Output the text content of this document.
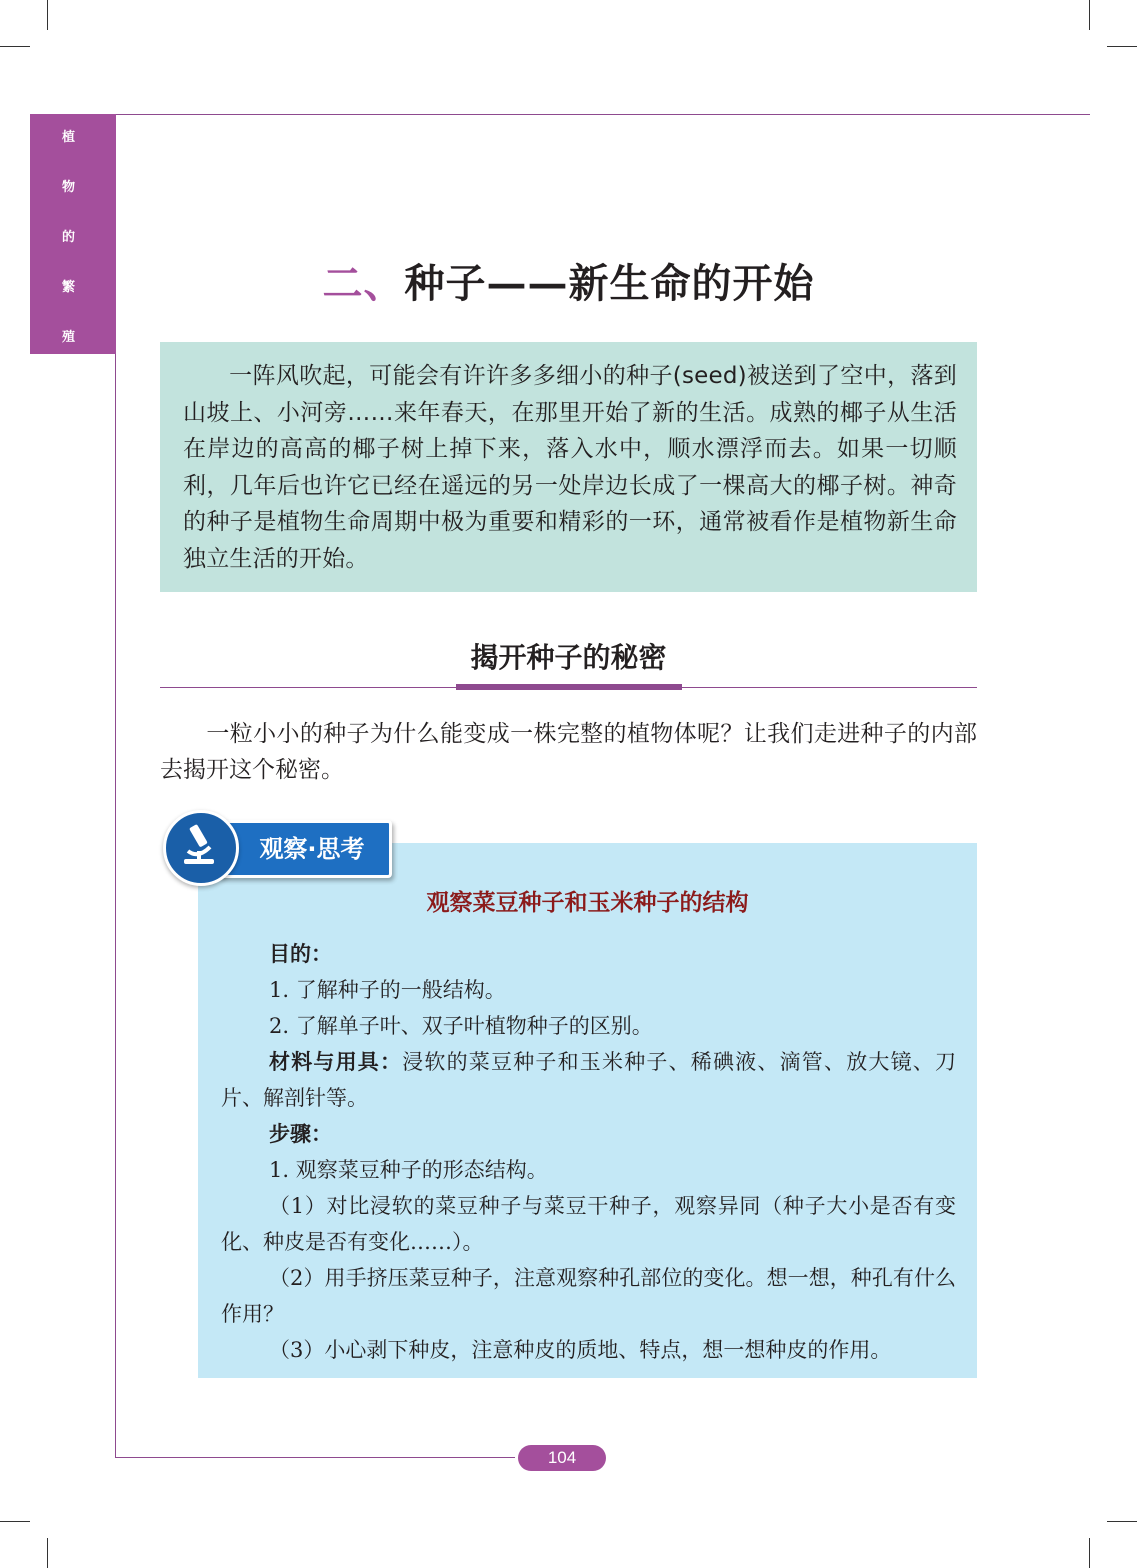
植
物
的
繁
殖
二、种子——新生命的开始
一阵风吹起，可能会有许许多多细小的种子(seed)被送到了空中，落到山坡上、小河旁……来年春天，在那里开始了新的生活。成熟的椰子从生活在岸边的高高的椰子树上掉下来，落入水中，顺水漂浮而去。如果一切顺利，几年后也许它已经在遥远的另一处岸边长成了一棵高大的椰子树。神奇的种子是植物生命周期中极为重要和精彩的一环，通常被看作是植物新生命独立生活的开始。
揭开种子的秘密
一粒小小的种子为什么能变成一株完整的植物体呢？让我们走进种子的内部去揭开这个秘密。
观察·思考
观察菜豆种子和玉米种子的结构

目的：

1. 了解种子的一般结构。

2. 了解单子叶、双子叶植物种子的区别。

材料与用具：浸软的菜豆种子和玉米种子、稀碘液、滴管、放大镜、刀片、解剖针等。

步骤：

1. 观察菜豆种子的形态结构。

（1）对比浸软的菜豆种子与菜豆干种子，观察异同（种子大小是否有变化、种皮是否有变化……）。

（2）用手挤压菜豆种子，注意观察种孔部位的变化。想一想，种孔有什么作用？

（3）小心剥下种皮，注意种皮的质地、特点，想一想种皮的作用。

104
